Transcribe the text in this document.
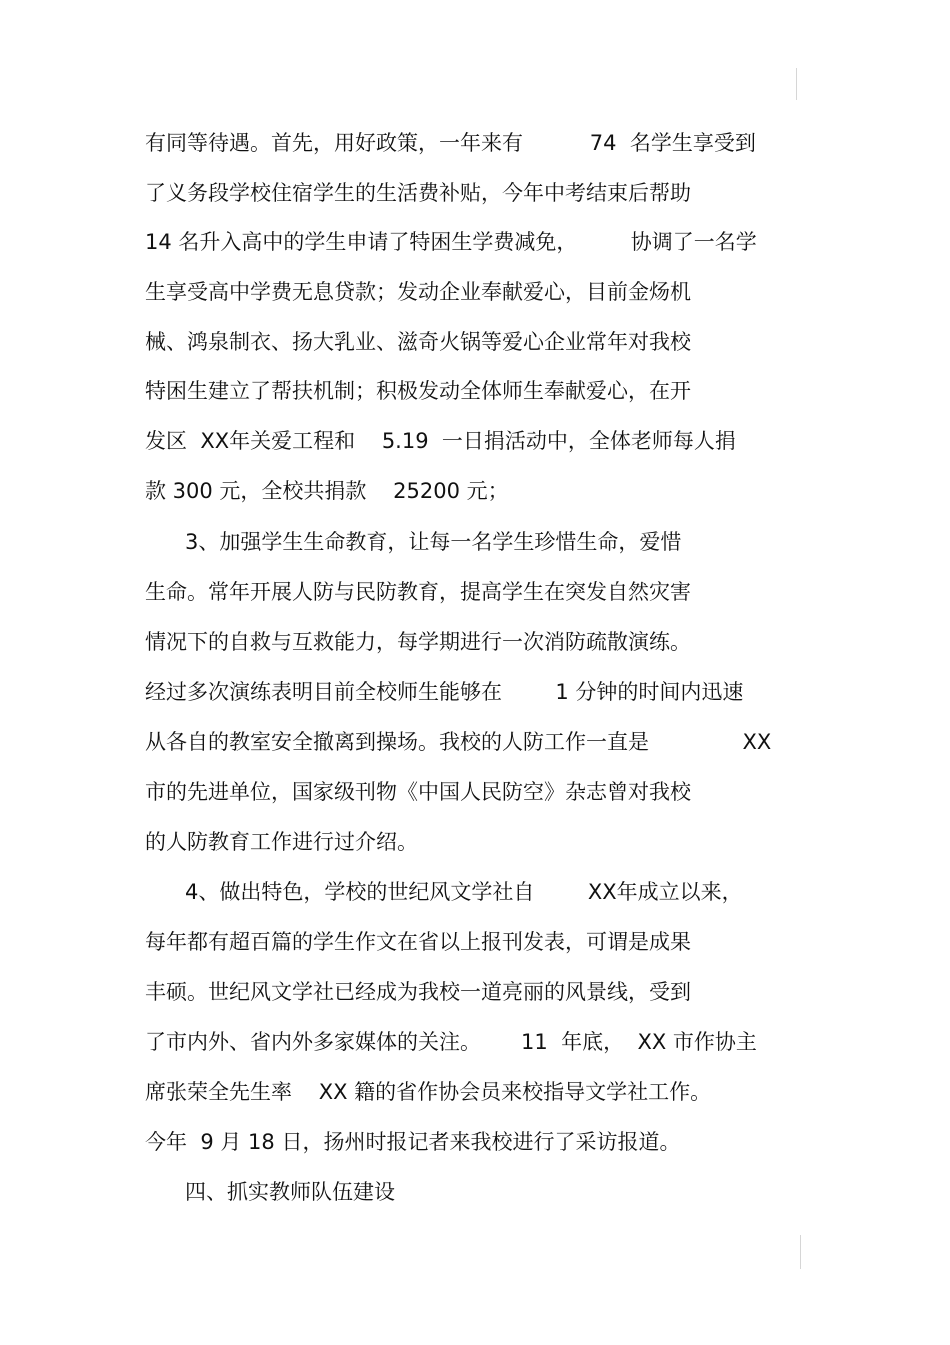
有同等待遇。首先，用好政策，一年来有          74  名学生享受到
了义务段学校住宿学生的生活费补贴，今年中考结束后帮助
14 名升入高中的学生申请了特困生学费减免，        协调了一名学
生享受高中学费无息贷款；发动企业奉献爱心，目前金炀机
械、鸿泉制衣、扬大乳业、滋奇火锅等爱心企业常年对我校
特困生建立了帮扶机制；积极发动全体师生奉献爱心，在开
发区  XX年关爱工程和    5.19  一日捐活动中，全体老师每人捐
款 300 元，全校共捐款    25200 元；
3、加强学生生命教育，让每一名学生珍惜生命，爱惜
生命。常年开展人防与民防教育，提高学生在突发自然灾害
情况下的自救与互救能力，每学期进行一次消防疏散演练。
经过多次演练表明目前全校师生能够在        1 分钟的时间内迅速
从各自的教室安全撤离到操场。我校的人防工作一直是              XX
市的先进单位，国家级刊物《中国人民防空》杂志曾对我校
的人防教育工作进行过介绍。
4、做出特色，学校的世纪风文学社自        XX年成立以来，
每年都有超百篇的学生作文在省以上报刊发表，可谓是成果
丰硕。世纪风文学社已经成为我校一道亮丽的风景线，受到
了市内外、省内外多家媒体的关注。      11  年底，  XX 市作协主
席张荣全先生率    XX 籍的省作协会员来校指导文学社工作。
今年  9 月 18 日，扬州时报记者来我校进行了采访报道。
四、抓实教师队伍建设
